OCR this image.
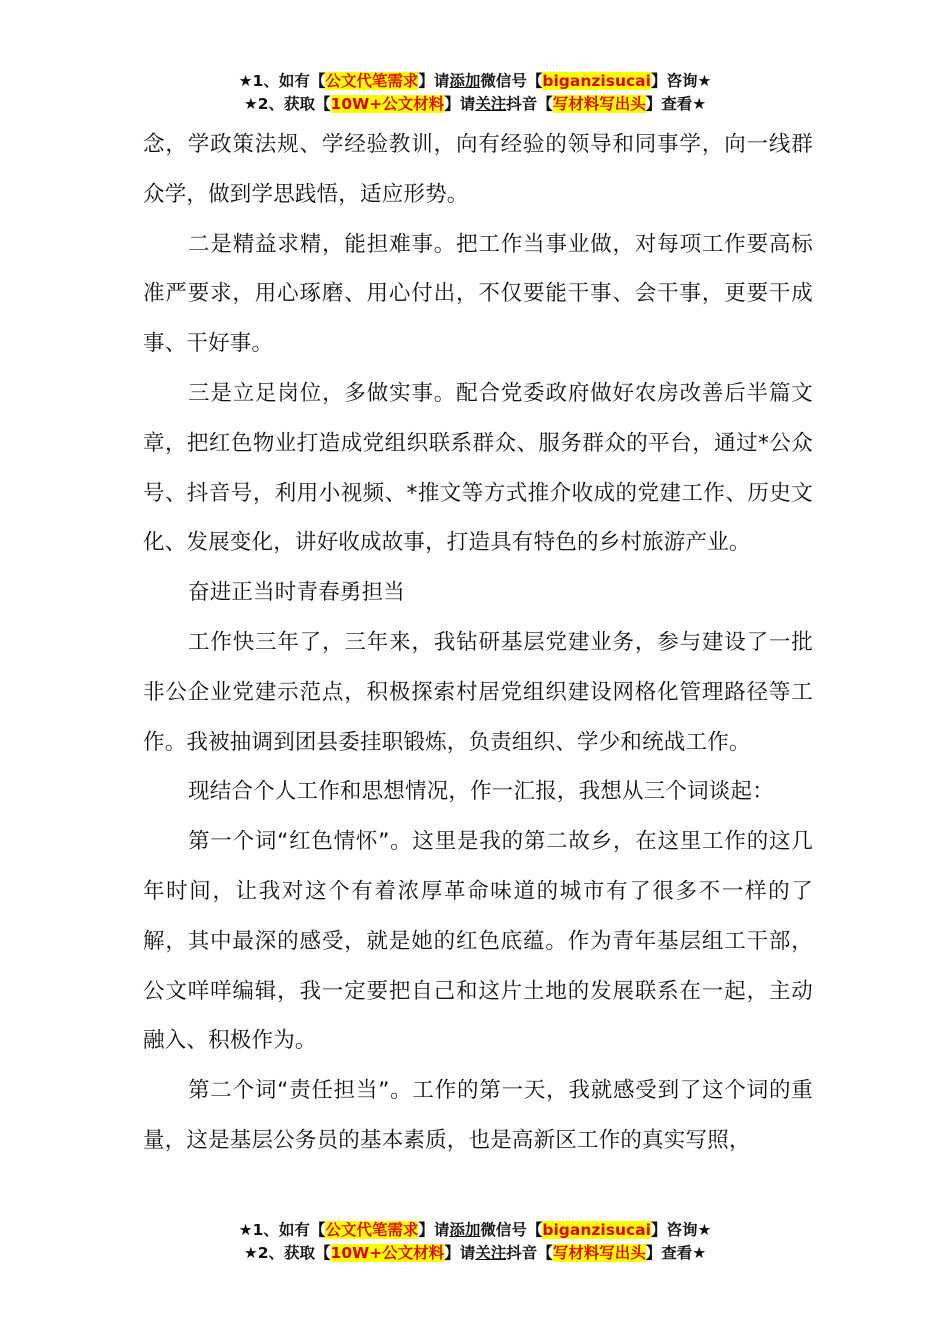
★1、如有【公文代笔需求】请添加微信号【biganzisucai】咨询★
★2、获取【10W+公文材料】请关注抖音【写材料写出头】查看★

念，学政策法规、学经验教训，向有经验的领导和同事学，向一线群众学，做到学思践悟，适应形势。

二是精益求精，能担难事。把工作当事业做，对每项工作要高标准严要求，用心琢磨、用心付出，不仅要能干事、会干事，更要干成事、干好事。

三是立足岗位，多做实事。配合党委政府做好农房改善后半篇文章，把红色物业打造成党组织联系群众、服务群众的平台，通过*公众号、抖音号，利用小视频、*推文等方式推介收成的党建工作、历史文化、发展变化，讲好收成故事，打造具有特色的乡村旅游产业。

奋进正当时青春勇担当

工作快三年了，三年来，我钻研基层党建业务，参与建设了一批非公企业党建示范点，积极探索村居党组织建设网格化管理路径等工作。我被抽调到团县委挂职锻炼，负责组织、学少和统战工作。

现结合个人工作和思想情况，作一汇报，我想从三个词谈起：

第一个词“红色情怀”。这里是我的第二故乡，在这里工作的这几年时间，让我对这个有着浓厚革命味道的城市有了很多不一样的了解，其中最深的感受，就是她的红色底蕴。作为青年基层组工干部，公文咩咩编辑，我一定要把自己和这片土地的发展联系在一起，主动融入、积极作为。

第二个词“责任担当”。工作的第一天，我就感受到了这个词的重量，这是基层公务员的基本素质，也是高新区工作的真实写照，

★1、如有【公文代笔需求】请添加微信号【biganzisucai】咨询★
★2、获取【10W+公文材料】请关注抖音【写材料写出头】查看★
